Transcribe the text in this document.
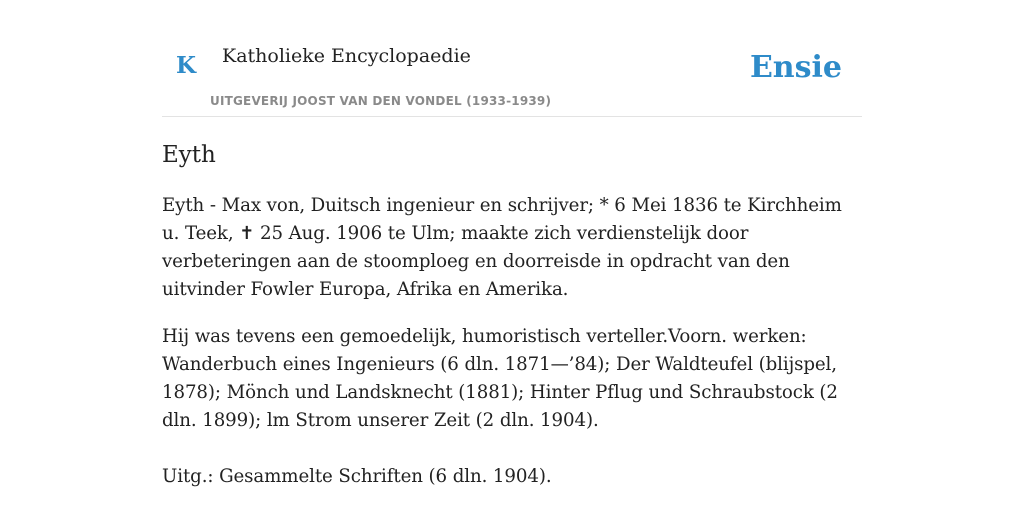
K Katholieke Encyclopaedie
UITGEVERIJ JOOST VAN DEN VONDEL (1933-1939)
Ensie
Eyth

Eyth - Max von, Duitsch ingenieur en schrijver; * 6 Mei 1836 te Kirchheim u. Teek, ✝ 25 Aug. 1906 te Ulm; maakte zich verdienstelijk door verbeteringen aan de stoomploeg en doorreisde in opdracht van den uitvinder Fowler Europa, Afrika en Amerika.

Hij was tevens een gemoedelijk, humoristisch verteller.Voorn. werken: Wanderbuch eines Ingenieurs (6 dln. 1871—’84); Der Waldteufel (blijspel, 1878); Mönch und Landsknecht (1881); Hinter Pflug und Schraubstock (2 dln. 1899); lm Strom unserer Zeit (2 dln. 1904).

Uitg.: Gesammelte Schriften (6 dln. 1904).
